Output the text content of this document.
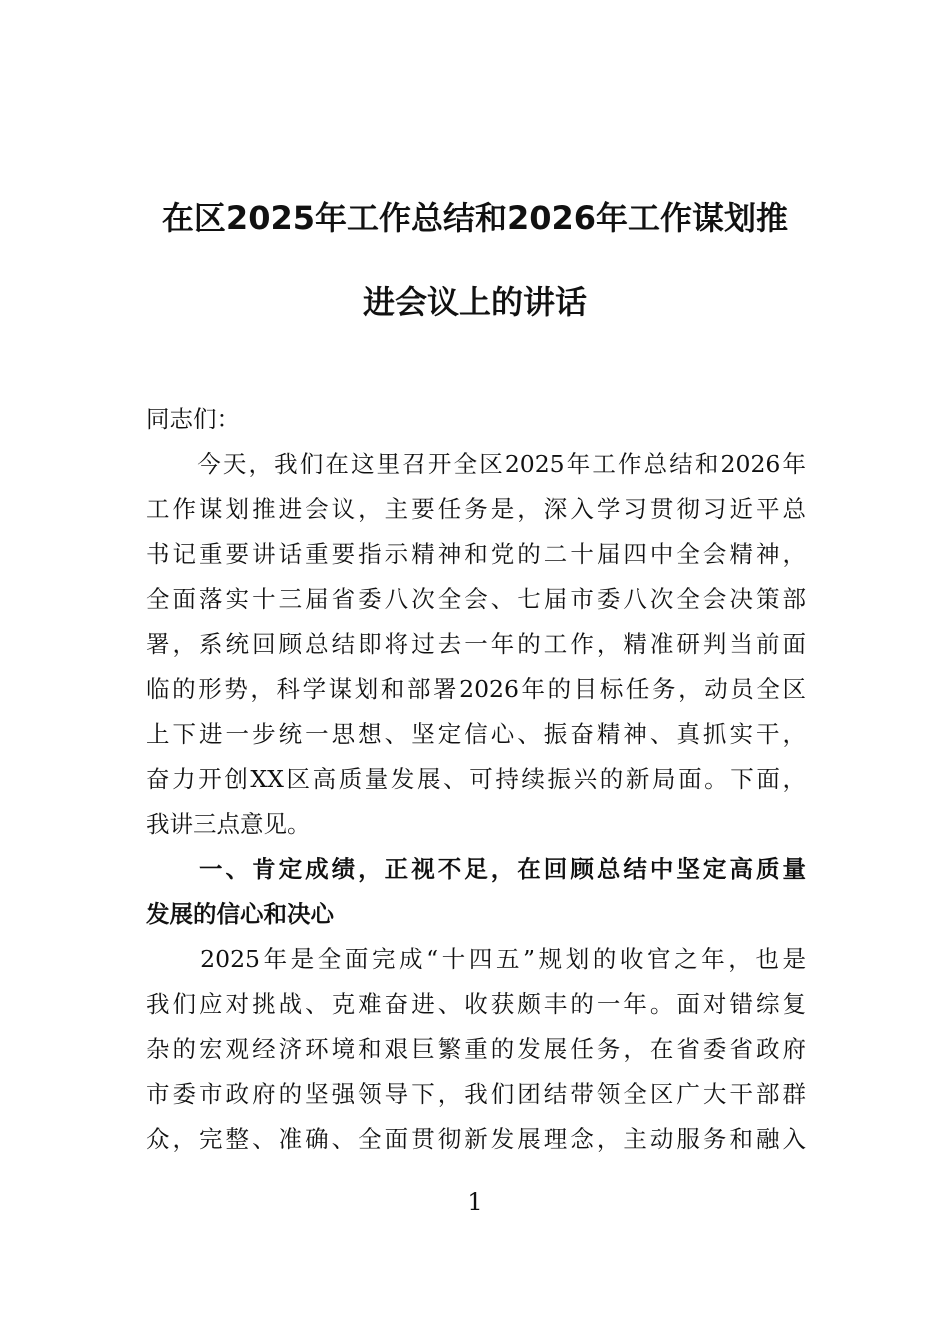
在区2025年工作总结和2026年工作谋划推
进会议上的讲话

同志们：

　　今天，我们在这里召开全区2025年工作总结和2026年
工作谋划推进会议，主要任务是，深入学习贯彻习近平总
书记重要讲话重要指示精神和党的二十届四中全会精神，
全面落实十三届省委八次全会、七届市委八次全会决策部
署，系统回顾总结即将过去一年的工作，精准研判当前面
临的形势，科学谋划和部署2026年的目标任务，动员全区
上下进一步统一思想、坚定信心、振奋精神、真抓实干，
奋力开创XX区高质量发展、可持续振兴的新局面。下面，
我讲三点意见。

　　一、肯定成绩，正视不足，在回顾总结中坚定高质量
发展的信心和决心

　　2025年是全面完成“十四五”规划的收官之年，也是
我们应对挑战、克难奋进、收获颇丰的一年。面对错综复
杂的宏观经济环境和艰巨繁重的发展任务，在省委省政府
市委市政府的坚强领导下，我们团结带领全区广大干部群
众，完整、准确、全面贯彻新发展理念，主动服务和融入

1
